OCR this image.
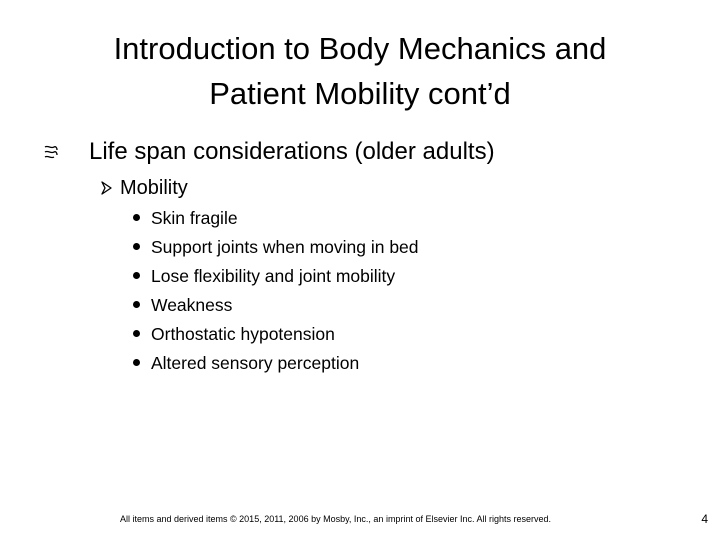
Introduction to Body Mechanics and
Patient Mobility cont’d
Life span considerations (older adults)
Mobility
Skin fragile
Support joints when moving in bed
Lose flexibility and joint mobility
Weakness
Orthostatic hypotension
Altered sensory perception
All items and derived items © 2015, 2011, 2006 by Mosby, Inc., an imprint of Elsevier Inc. All rights reserved.	4
